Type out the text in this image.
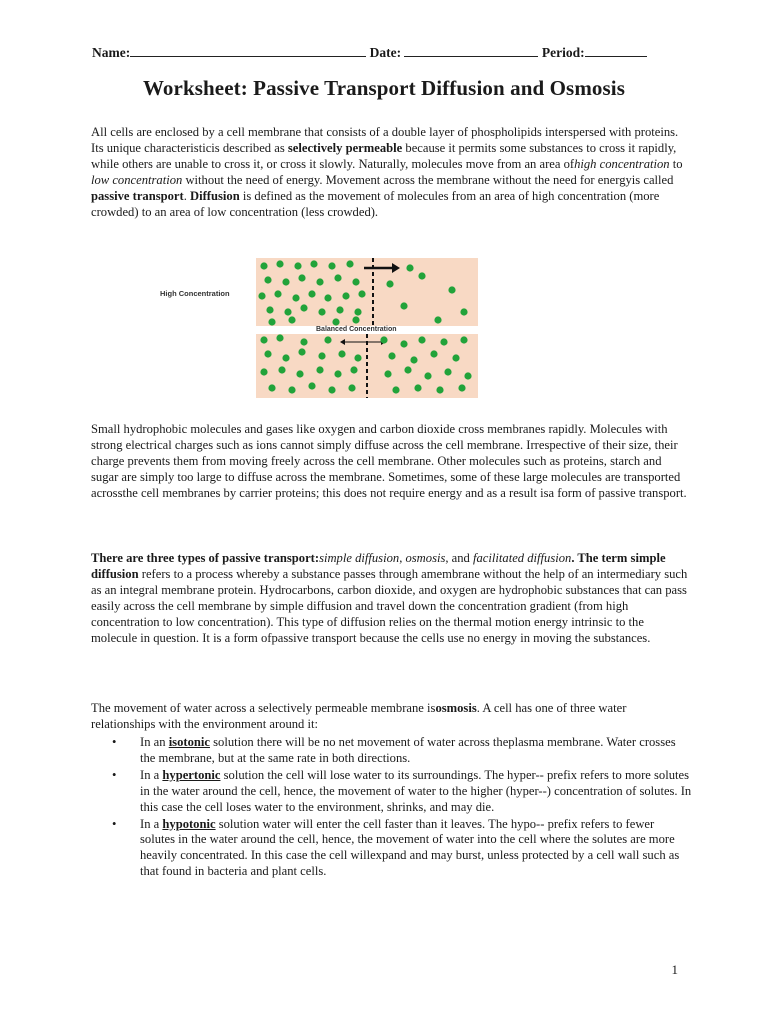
Name:	Date:	Period:
Worksheet: Passive Transport Diffusion and Osmosis
All cells are enclosed by a cell membrane that consists of a double layer of phospholipids interspersed with proteins. Its unique characteristicis described as selectively permeable because it permits some substances to cross it rapidly, while others are unable to cross it, or cross it slowly. Naturally, molecules move from an area ofhigh concentration to low concentration without the need of energy. Movement across the membrane without the need for energyis called passive transport. Diffusion is defined as the movement of molecules from an area of high concentration (more crowded) to an area of low concentration (less crowded).
High Concentration
Balanced Concentration
Small hydrophobic molecules and gases like oxygen and carbon dioxide cross membranes rapidly. Molecules with strong electrical charges such as ions cannot simply diffuse across the cell membrane. Irrespective of their size, their charge prevents them from moving freely across the cell membrane. Other molecules such as proteins, starch and sugar are simply too large to diffuse across the membrane. Sometimes, some of these large molecules are transported acrossthe cell membranes by carrier proteins; this does not require energy and as a result isa form of passive transport.
There are three types of passive transport:simple diffusion, osmosis, and facilitated diffusion. The term simple diffusion refers to a process whereby a substance passes through amembrane without the help of an intermediary such as an integral membrane protein. Hydrocarbons, carbon dioxide, and oxygen are hydrophobic substances that can pass easily across the cell membrane by simple diffusion and travel down the concentration gradient (from high concentration to low concentration). This type of diffusion relies on the thermal motion energy intrinsic to the molecule in question. It is a form ofpassive transport because the cells use no energy in moving the substances.
The movement of water across a selectively permeable membrane isosmosis. A cell has one of three water relationships with the environment around it:
• In an isotonic solution there will be no net movement of water across theplasma membrane. Water crosses the membrane, but at the same rate in both directions.
• In a hypertonic solution the cell will lose water to its surroundings. The hyper-- prefix refers to more solutes in the water around the cell, hence, the movement of water to the higher (hyper--) concentration of solutes. In this case the cell loses water to the environment, shrinks, and may die.
• In a hypotonic solution water will enter the cell faster than it leaves. The hypo-- prefix refers to fewer solutes in the water around the cell, hence, the movement of water into the cell where the solutes are more heavily concentrated. In this case the cell willexpand and may burst, unless protected by a cell wall such as that found in bacteria and plant cells.
1
